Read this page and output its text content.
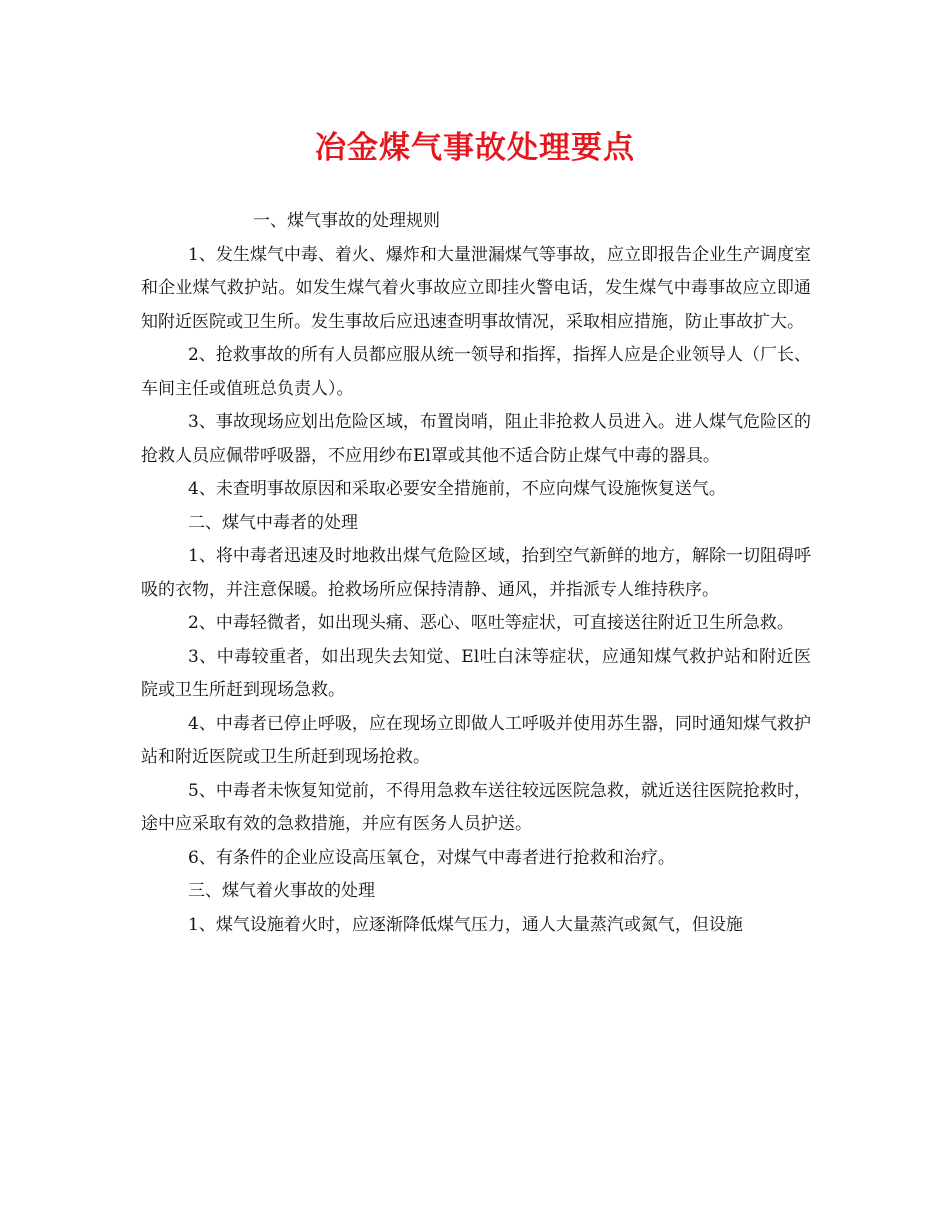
冶金煤气事故处理要点

一、煤气事故的处理规则

1、发生煤气中毒、着火、爆炸和大量泄漏煤气等事故，应立即报告企业生产调度室和企业煤气救护站。如发生煤气着火事故应立即挂火警电话，发生煤气中毒事故应立即通知附近医院或卫生所。发生事故后应迅速查明事故情况，采取相应措施，防止事故扩大。

2、抢救事故的所有人员都应服从统一领导和指挥，指挥人应是企业领导人（厂长、车间主任或值班总负责人）。

3、事故现场应划出危险区域，布置岗哨，阻止非抢救人员进入。进人煤气危险区的抢救人员应佩带呼吸器，不应用纱布El罩或其他不适合防止煤气中毒的器具。

4、未查明事故原因和采取必要安全措施前，不应向煤气设施恢复送气。

二、煤气中毒者的处理

1、将中毒者迅速及时地救出煤气危险区域，抬到空气新鲜的地方，解除一切阻碍呼吸的衣物，并注意保暖。抢救场所应保持清静、通风，并指派专人维持秩序。

2、中毒轻微者，如出现头痛、恶心、呕吐等症状，可直接送往附近卫生所急救。

3、中毒较重者，如出现失去知觉、El吐白沫等症状，应通知煤气救护站和附近医院或卫生所赶到现场急救。

4、中毒者已停止呼吸，应在现场立即做人工呼吸并使用苏生器，同时通知煤气救护站和附近医院或卫生所赶到现场抢救。

5、中毒者未恢复知觉前，不得用急救车送往较远医院急救，就近送往医院抢救时，途中应采取有效的急救措施，并应有医务人员护送。

6、有条件的企业应设高压氧仓，对煤气中毒者进行抢救和治疗。

三、煤气着火事故的处理

1、煤气设施着火时，应逐渐降低煤气压力，通人大量蒸汽或氮气，但设施
